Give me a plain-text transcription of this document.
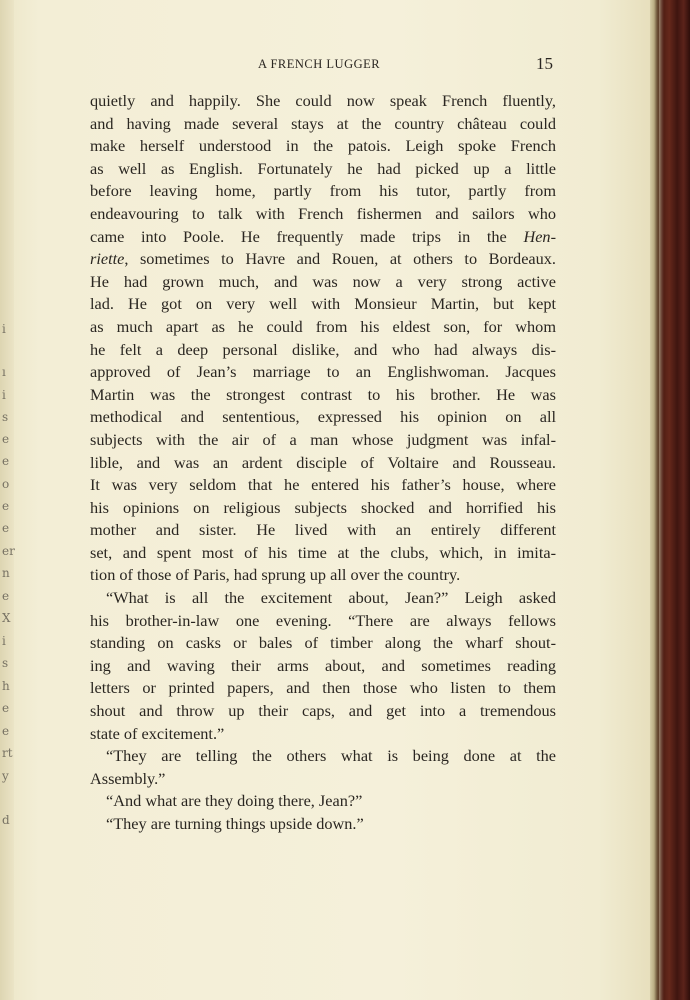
i
ı
i
s
e
e
o
e
e
er
n
e
X
i
s
h
e
e
rt
y
d
A FRENCH LUGGER	15
quietly and happily. She could now speak French fluently,
and having made several stays at the country château could
make herself understood in the patois. Leigh spoke French
as well as English. Fortunately he had picked up a little
before leaving home, partly from his tutor, partly from
endeavouring to talk with French fishermen and sailors who
came into Poole. He frequently made trips in the Hen-
riette, sometimes to Havre and Rouen, at others to Bordeaux.
He had grown much, and was now a very strong active
lad. He got on very well with Monsieur Martin, but kept
as much apart as he could from his eldest son, for whom
he felt a deep personal dislike, and who had always dis-
approved of Jean’s marriage to an Englishwoman. Jacques
Martin was the strongest contrast to his brother. He was
methodical and sententious, expressed his opinion on all
subjects with the air of a man whose judgment was infal-
lible, and was an ardent disciple of Voltaire and Rousseau.
It was very seldom that he entered his father’s house, where
his opinions on religious subjects shocked and horrified his
mother and sister. He lived with an entirely different
set, and spent most of his time at the clubs, which, in imita-
tion of those of Paris, had sprung up all over the country.
“What is all the excitement about, Jean?” Leigh asked
his brother-in-law one evening. “There are always fellows
standing on casks or bales of timber along the wharf shout-
ing and waving their arms about, and sometimes reading
letters or printed papers, and then those who listen to them
shout and throw up their caps, and get into a tremendous
state of excitement.”
“They are telling the others what is being done at the
Assembly.”
“And what are they doing there, Jean?”
“They are turning things upside down.”
